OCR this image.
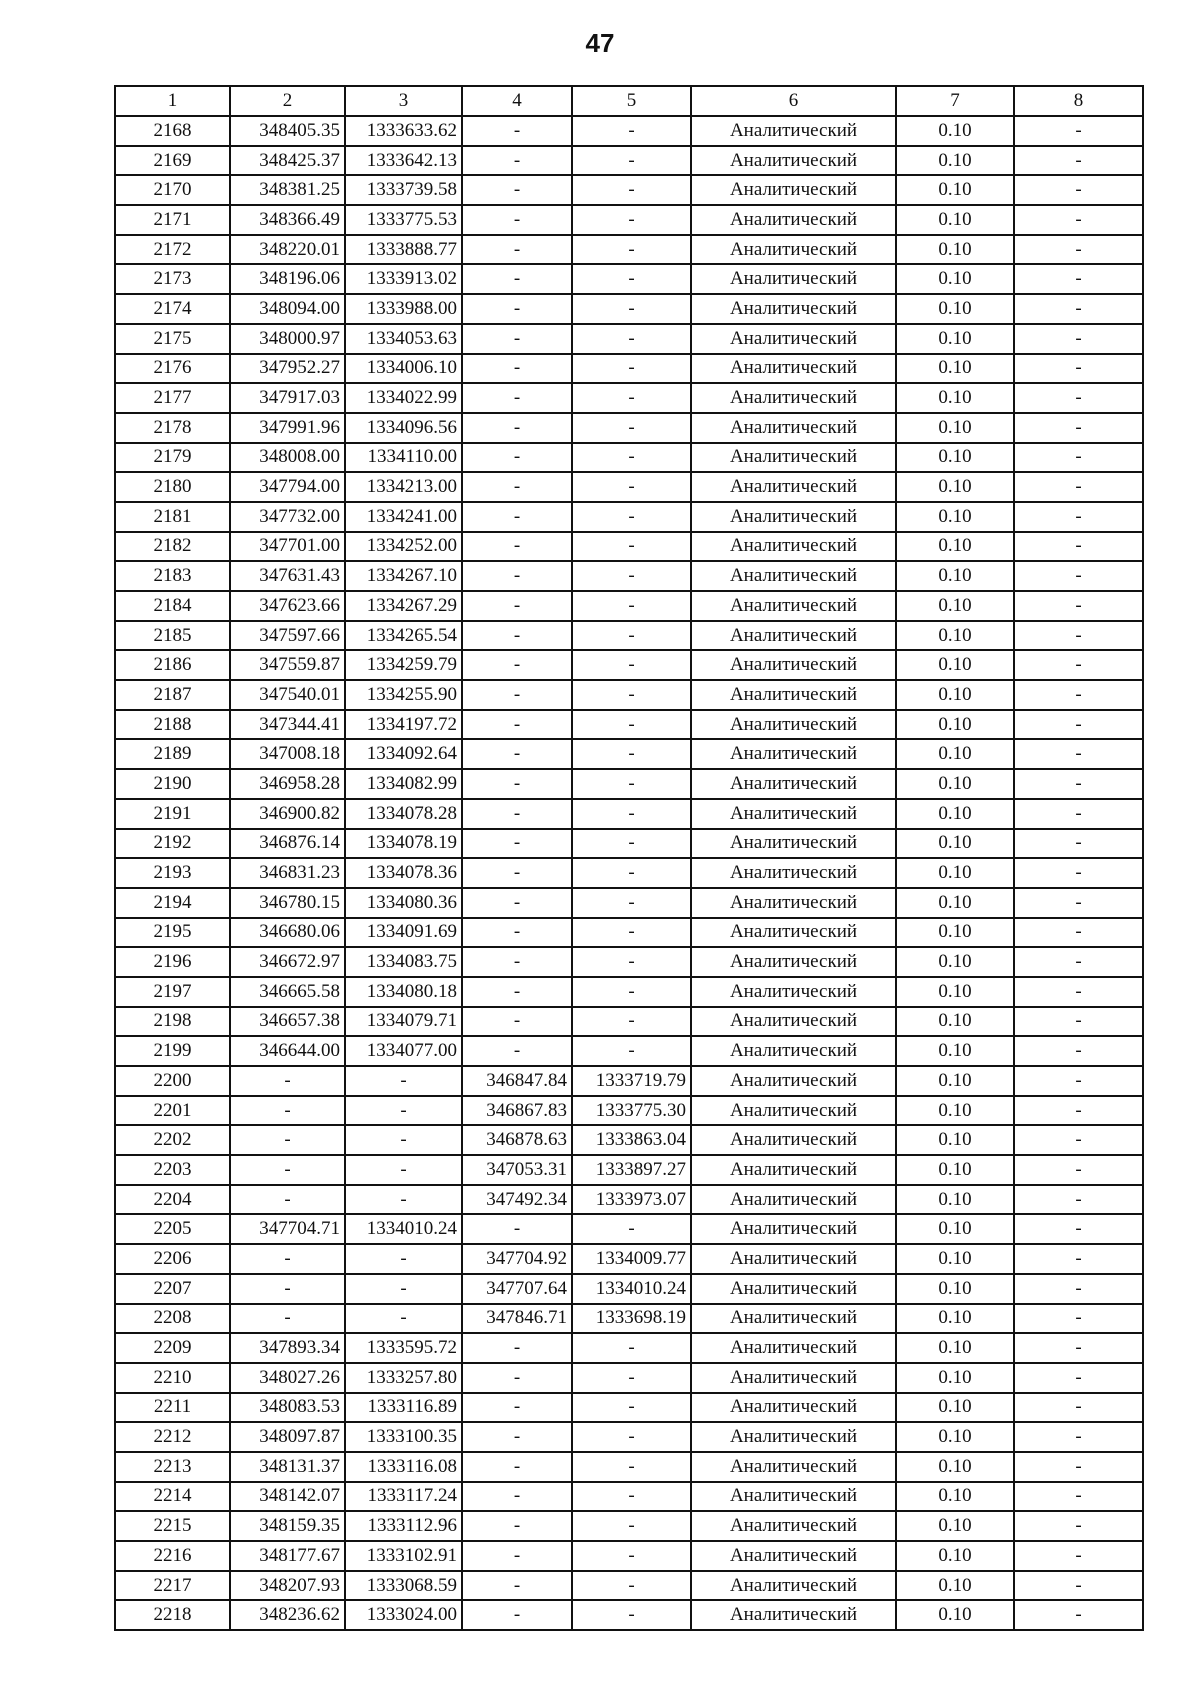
47
1	2	3	4	5	6	7	8
2168	348405.35	1333633.62	-	-	Аналитический	0.10	-
2169	348425.37	1333642.13	-	-	Аналитический	0.10	-
2170	348381.25	1333739.58	-	-	Аналитический	0.10	-
2171	348366.49	1333775.53	-	-	Аналитический	0.10	-
2172	348220.01	1333888.77	-	-	Аналитический	0.10	-
2173	348196.06	1333913.02	-	-	Аналитический	0.10	-
2174	348094.00	1333988.00	-	-	Аналитический	0.10	-
2175	348000.97	1334053.63	-	-	Аналитический	0.10	-
2176	347952.27	1334006.10	-	-	Аналитический	0.10	-
2177	347917.03	1334022.99	-	-	Аналитический	0.10	-
2178	347991.96	1334096.56	-	-	Аналитический	0.10	-
2179	348008.00	1334110.00	-	-	Аналитический	0.10	-
2180	347794.00	1334213.00	-	-	Аналитический	0.10	-
2181	347732.00	1334241.00	-	-	Аналитический	0.10	-
2182	347701.00	1334252.00	-	-	Аналитический	0.10	-
2183	347631.43	1334267.10	-	-	Аналитический	0.10	-
2184	347623.66	1334267.29	-	-	Аналитический	0.10	-
2185	347597.66	1334265.54	-	-	Аналитический	0.10	-
2186	347559.87	1334259.79	-	-	Аналитический	0.10	-
2187	347540.01	1334255.90	-	-	Аналитический	0.10	-
2188	347344.41	1334197.72	-	-	Аналитический	0.10	-
2189	347008.18	1334092.64	-	-	Аналитический	0.10	-
2190	346958.28	1334082.99	-	-	Аналитический	0.10	-
2191	346900.82	1334078.28	-	-	Аналитический	0.10	-
2192	346876.14	1334078.19	-	-	Аналитический	0.10	-
2193	346831.23	1334078.36	-	-	Аналитический	0.10	-
2194	346780.15	1334080.36	-	-	Аналитический	0.10	-
2195	346680.06	1334091.69	-	-	Аналитический	0.10	-
2196	346672.97	1334083.75	-	-	Аналитический	0.10	-
2197	346665.58	1334080.18	-	-	Аналитический	0.10	-
2198	346657.38	1334079.71	-	-	Аналитический	0.10	-
2199	346644.00	1334077.00	-	-	Аналитический	0.10	-
2200	-	-	346847.84	1333719.79	Аналитический	0.10	-
2201	-	-	346867.83	1333775.30	Аналитический	0.10	-
2202	-	-	346878.63	1333863.04	Аналитический	0.10	-
2203	-	-	347053.31	1333897.27	Аналитический	0.10	-
2204	-	-	347492.34	1333973.07	Аналитический	0.10	-
2205	347704.71	1334010.24	-	-	Аналитический	0.10	-
2206	-	-	347704.92	1334009.77	Аналитический	0.10	-
2207	-	-	347707.64	1334010.24	Аналитический	0.10	-
2208	-	-	347846.71	1333698.19	Аналитический	0.10	-
2209	347893.34	1333595.72	-	-	Аналитический	0.10	-
2210	348027.26	1333257.80	-	-	Аналитический	0.10	-
2211	348083.53	1333116.89	-	-	Аналитический	0.10	-
2212	348097.87	1333100.35	-	-	Аналитический	0.10	-
2213	348131.37	1333116.08	-	-	Аналитический	0.10	-
2214	348142.07	1333117.24	-	-	Аналитический	0.10	-
2215	348159.35	1333112.96	-	-	Аналитический	0.10	-
2216	348177.67	1333102.91	-	-	Аналитический	0.10	-
2217	348207.93	1333068.59	-	-	Аналитический	0.10	-
2218	348236.62	1333024.00	-	-	Аналитический	0.10	-
